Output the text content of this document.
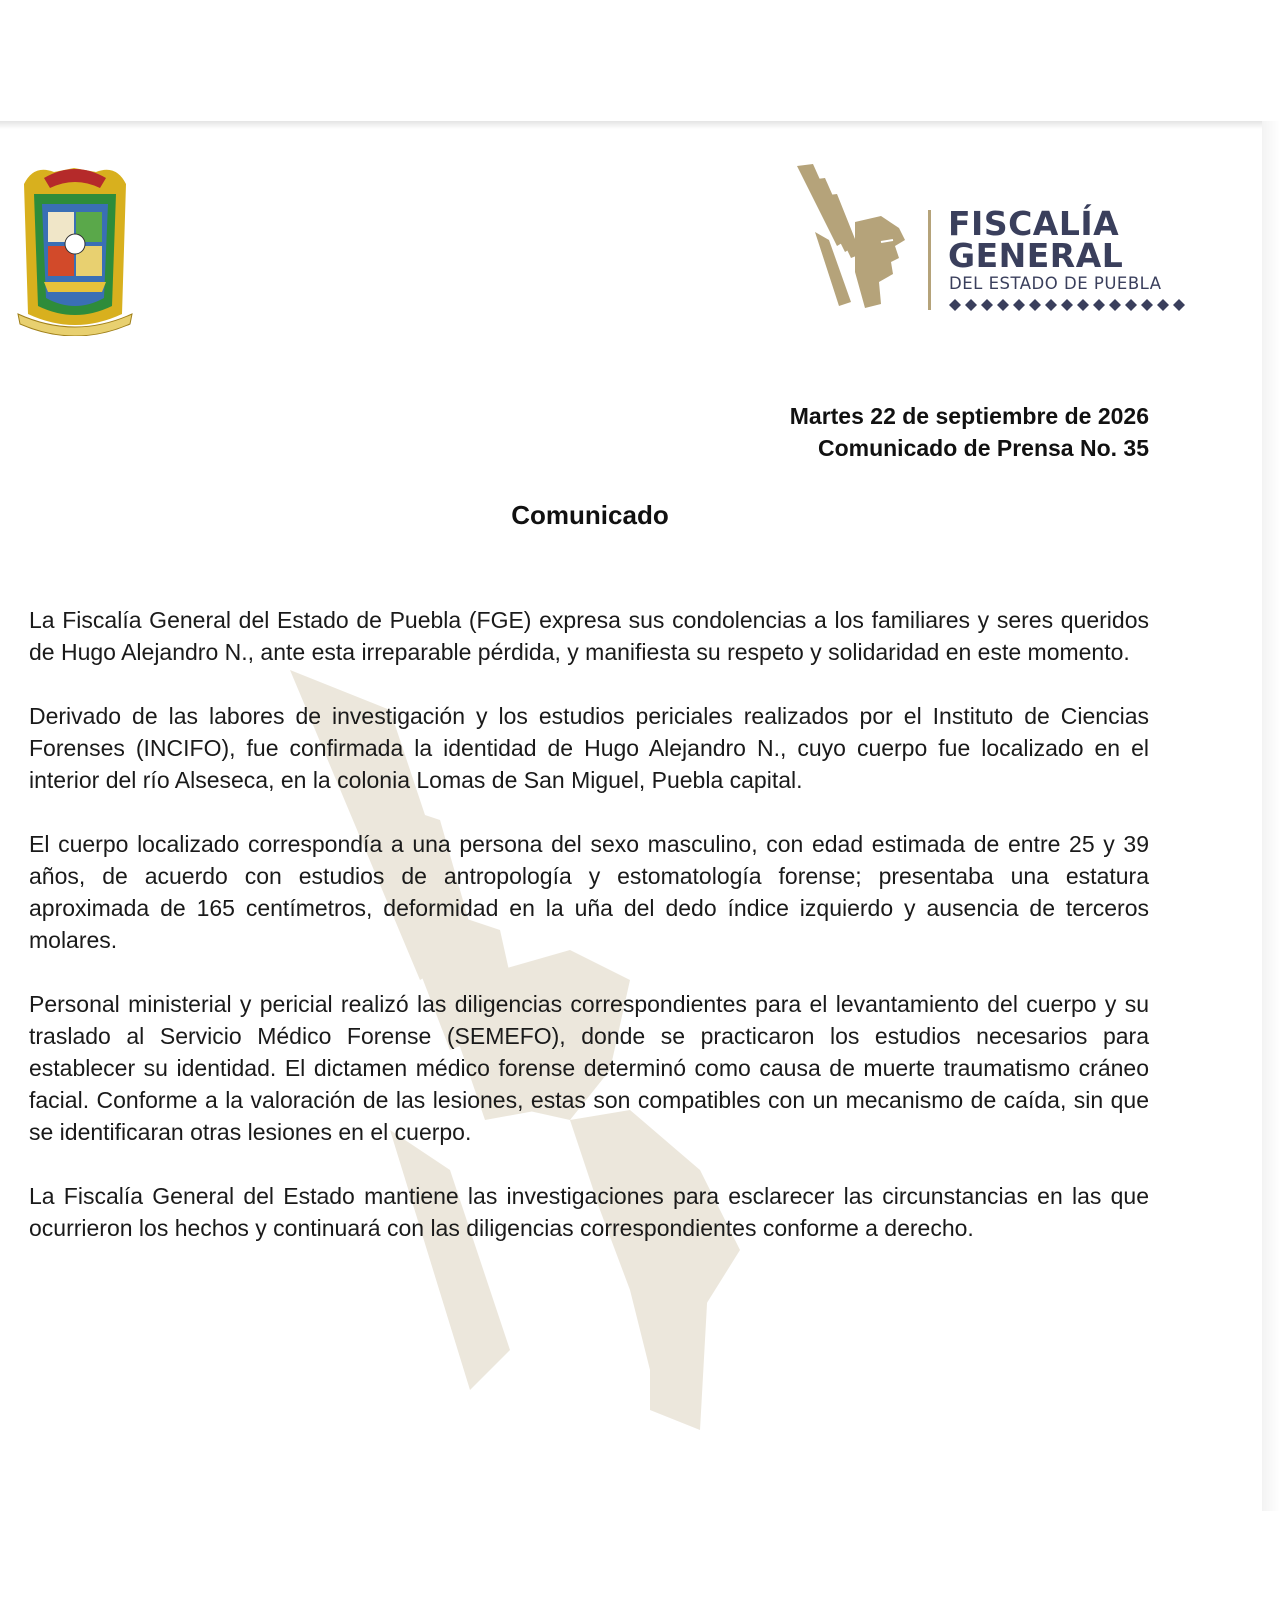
FISCALÍA
GENERAL
DEL ESTADO DE PUEBLA
Martes 22 de septiembre de 2026
Comunicado de Prensa No. 35
Comunicado

La Fiscalía General del Estado de Puebla (FGE) expresa sus condolencias a los familiares y seres queridos de Hugo Alejandro N., ante esta irreparable pérdida, y manifiesta su respeto y solidaridad en este momento.

Derivado de las labores de investigación y los estudios periciales realizados por el Instituto de Ciencias Forenses (INCIFO), fue confirmada la identidad de Hugo Alejandro N., cuyo cuerpo fue localizado en el interior del río Alseseca, en la colonia Lomas de San Miguel, Puebla capital.

El cuerpo localizado correspondía a una persona del sexo masculino, con edad estimada de entre 25 y 39 años, de acuerdo con estudios de antropología y estomatología forense; presentaba una estatura aproximada de 165 centímetros, deformidad en la uña del dedo índice izquierdo y ausencia de terceros molares.

Personal ministerial y pericial realizó las diligencias correspondientes para el levantamiento del cuerpo y su traslado al Servicio Médico Forense (SEMEFO), donde se practicaron los estudios necesarios para establecer su identidad. El dictamen médico forense determinó como causa de muerte traumatismo cráneo facial. Conforme a la valoración de las lesiones, estas son compatibles con un mecanismo de caída, sin que se identificaran otras lesiones en el cuerpo.

La Fiscalía General del Estado mantiene las investigaciones para esclarecer las circunstancias en las que ocurrieron los hechos y continuará con las diligencias correspondientes conforme a derecho.
